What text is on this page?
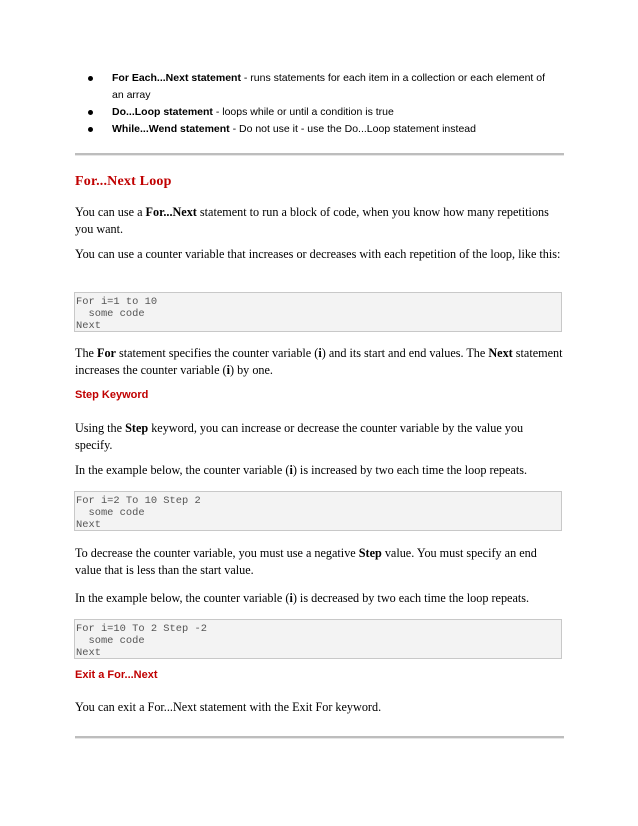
For Each...Next statement - runs statements for each item in a collection or each element of an array
Do...Loop statement - loops while or until a condition is true
While...Wend statement - Do not use it - use the Do...Loop statement instead
For...Next Loop

You can use a For...Next statement to run a block of code, when you know how many repetitions you want.

You can use a counter variable that increases or decreases with each repetition of the loop, like this:

For i=1 to 10
some code
Next

The For statement specifies the counter variable (i) and its start and end values. The Next statement increases the counter variable (i) by one.

Step Keyword

Using the Step keyword, you can increase or decrease the counter variable by the value you specify.

In the example below, the counter variable (i) is increased by two each time the loop repeats.

For i=2 To 10 Step 2
some code
Next

To decrease the counter variable, you must use a negative Step value. You must specify an end value that is less than the start value.

In the example below, the counter variable (i) is decreased by two each time the loop repeats.

For i=10 To 2 Step -2
some code
Next
Exit a For...Next

You can exit a For...Next statement with the Exit For keyword.
